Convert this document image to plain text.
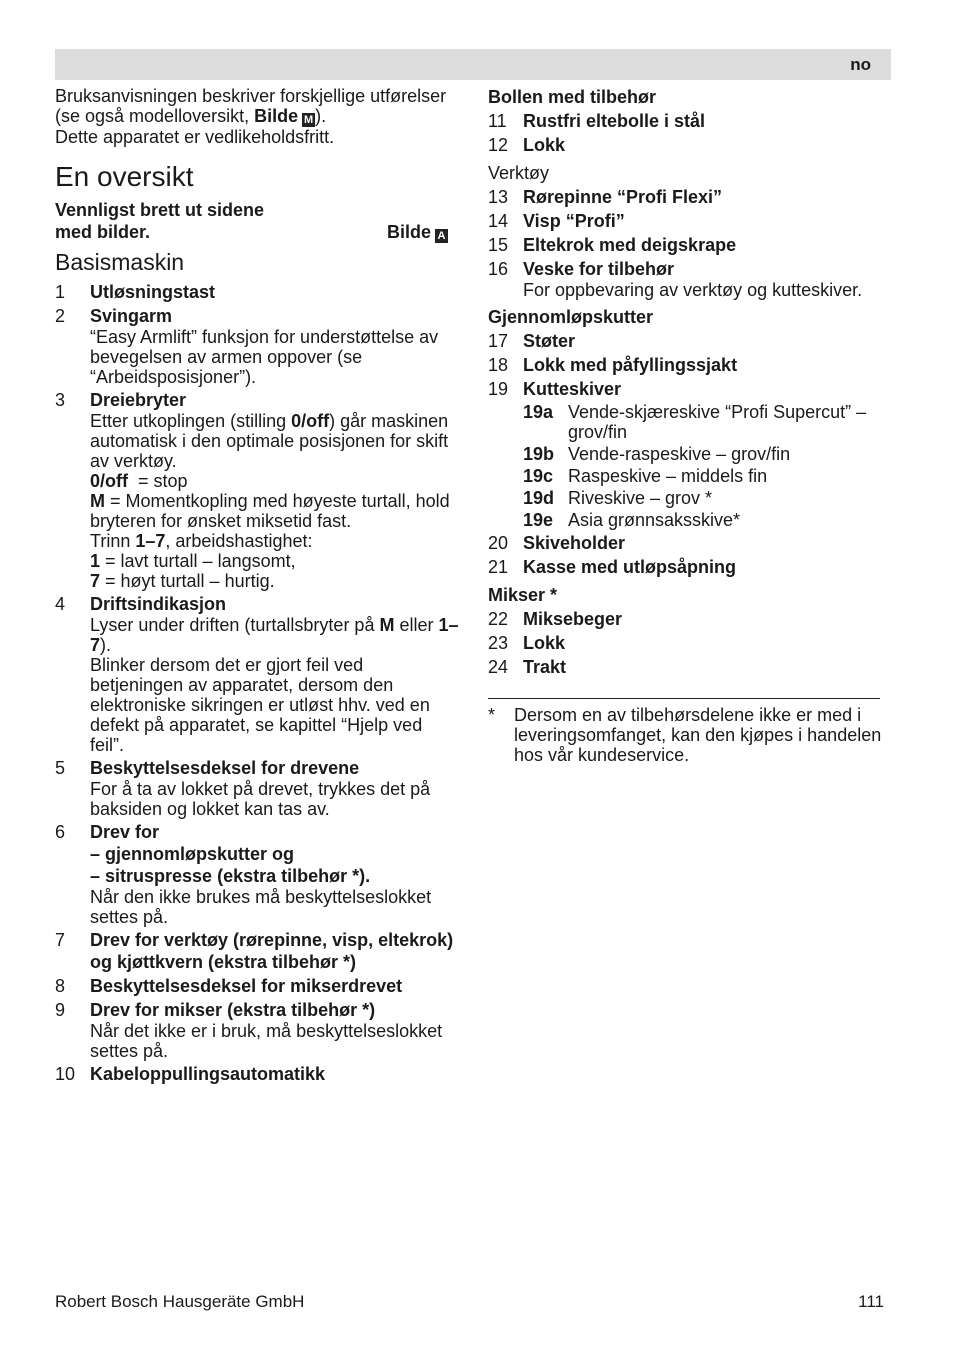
no
Bruksanvisningen beskriver forskjellige utførelser (se også modelloversikt, Bilde M ).
Dette apparatet er vedlikeholdsfritt.
En oversikt
Vennligst brett ut sidene
med bilder.	Bilde A
Basismaskin
1	Utløsningstast
2	Svingarm
“Easy Armlift” funksjon for understøttelse av bevegelsen av armen oppover (se “Arbeidsposisjoner”).
3	Dreiebryter
Etter utkoplingen (stilling 0/off) går maskinen automatisk i den optimale posisjonen for skift av verktøy.
0/off  = stop
M = Momentkopling med høyeste turtall, hold bryteren for ønsket miksetid fast.
Trinn 1–7, arbeidshastighet:
1 = lavt turtall – langsomt,
7 = høyt turtall – hurtig.
4	Driftsindikasjon
Lyser under driften (turtallsbryter på M eller 1–7).
Blinker dersom det er gjort feil ved betjeningen av apparatet, dersom den elektroniske sikringen er utløst hhv. ved en defekt på apparatet, se kapittel “Hjelp ved feil”.
5	Beskyttelsesdeksel for drevene
For å ta av lokket på drevet, trykkes det på baksiden og lokket kan tas av.
6	Drev for
– gjennomløpskutter og
– sitruspresse (ekstra tilbehør *).
Når den ikke brukes må beskyttelseslokket settes på.
7	Drev for verktøy (rørepinne, visp, eltekrok) og kjøttkvern (ekstra tilbehør *)
8	Beskyttelsesdeksel for mikserdrevet
9	Drev for mikser (ekstra tilbehør *)
Når det ikke er i bruk, må beskyttelseslokket settes på.
10 Kabeloppullingsautomatikk
Bollen med tilbehør
11 Rustfri eltebolle i stål
12 Lokk
Verktøy
13 Rørepinne “Profi Flexi”
14 Visp “Profi”
15 Eltekrok med deigskrape
16 Veske for tilbehør
For oppbevaring av verktøy og kutteskiver.
Gjennomløpskutter
17 Støter
18 Lokk med påfyllingssjakt
19 Kutteskiver
19a Vende-skjæreskive “Profi Supercut” – grov/fin
19b Vende-raspeskive – grov/fin
19c Raspeskive – middels fin
19d Riveskive – grov *
19e Asia grønnsaksskive*
20 Skiveholder
21 Kasse med utløpsåpning
Mikser *
22 Miksebeger
23 Lokk
24 Trakt
*	Dersom en av tilbehørsdelene ikke er med i leveringsomfanget, kan den kjøpes i handelen hos vår kundeservice.
Robert Bosch Hausgeräte GmbH	111
